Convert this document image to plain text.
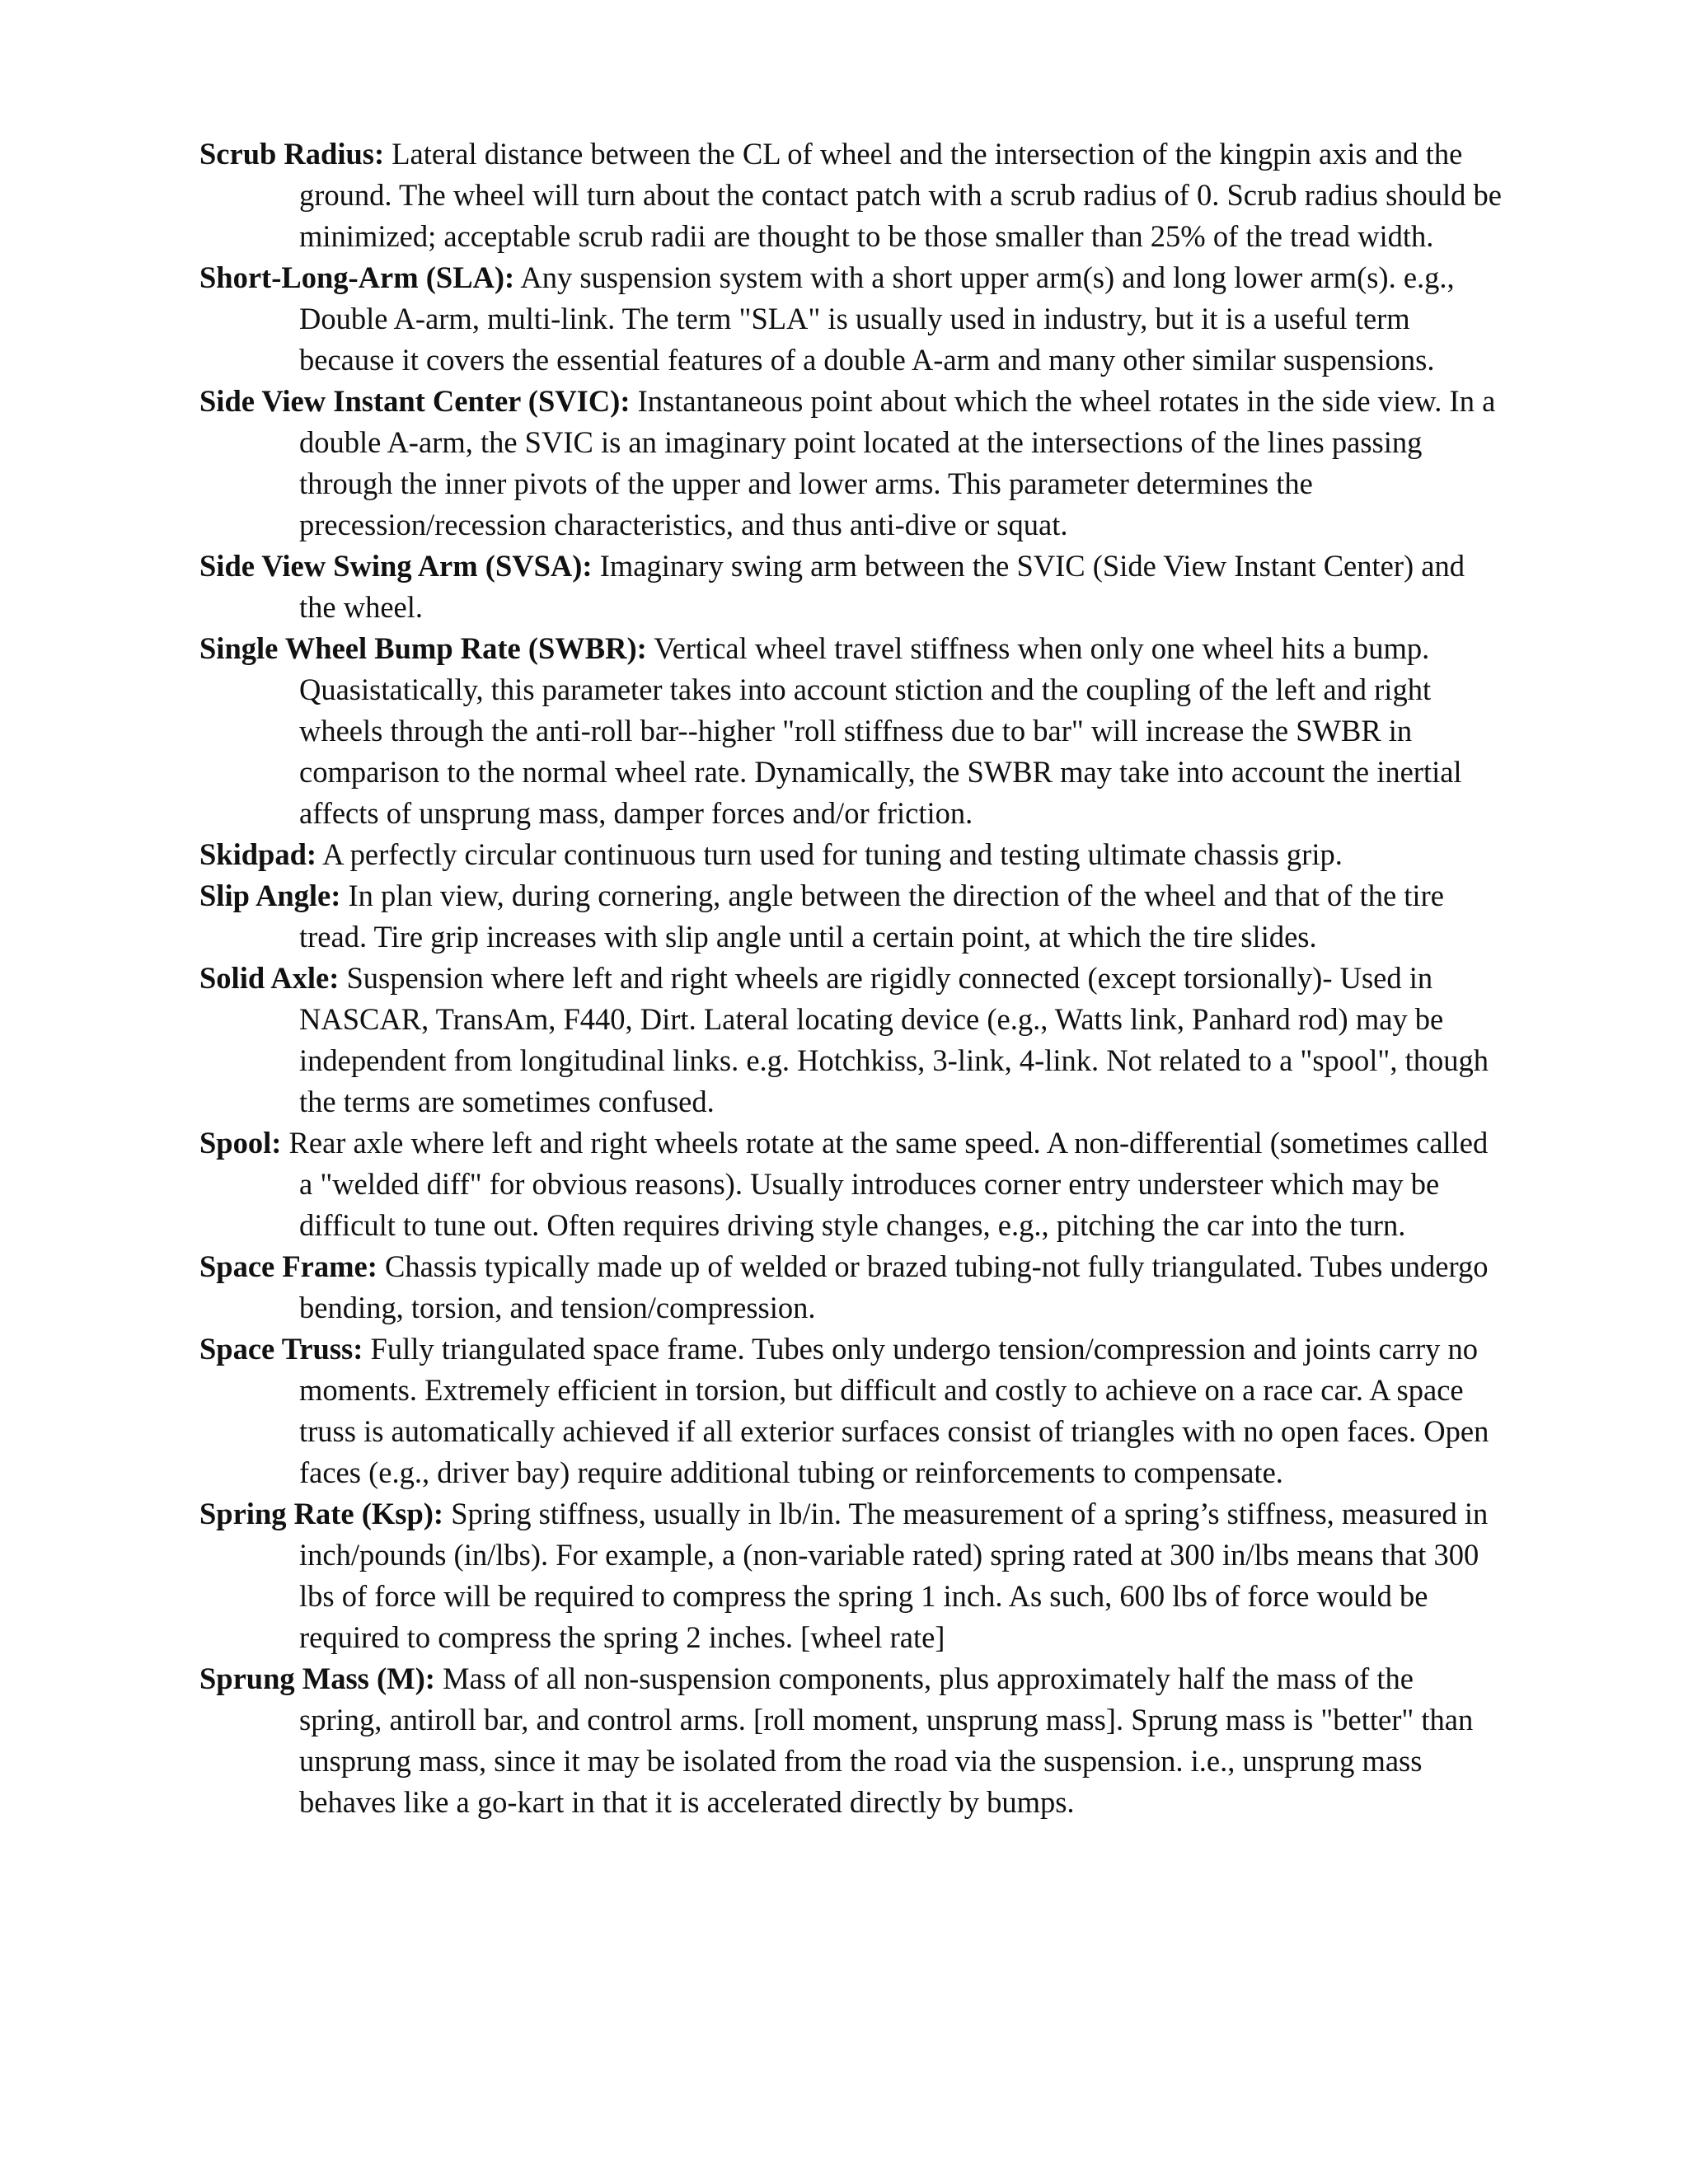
Scrub Radius: Lateral distance between the CL of wheel and the intersection of the kingpin axis and the ground. The wheel will turn about the contact patch with a scrub radius of 0. Scrub radius should be minimized; acceptable scrub radii are thought to be those smaller than 25% of the tread width.

Short-Long-Arm (SLA): Any suspension system with a short upper arm(s) and long lower arm(s). e.g., Double A-arm, multi-link. The term "SLA" is usually used in industry, but it is a useful term because it covers the essential features of a double A-arm and many other similar suspensions.

Side View Instant Center (SVIC): Instantaneous point about which the wheel rotates in the side view. In a double A-arm, the SVIC is an imaginary point located at the intersections of the lines passing through the inner pivots of the upper and lower arms. This parameter determines the precession/recession characteristics, and thus anti-dive or squat.

Side View Swing Arm (SVSA): Imaginary swing arm between the SVIC (Side View Instant Center) and the wheel.

Single Wheel Bump Rate (SWBR): Vertical wheel travel stiffness when only one wheel hits a bump. Quasistatically, this parameter takes into account stiction and the coupling of the left and right wheels through the anti-roll bar--higher "roll stiffness due to bar" will increase the SWBR in comparison to the normal wheel rate. Dynamically, the SWBR may take into account the inertial affects of unsprung mass, damper forces and/or friction.

Skidpad: A perfectly circular continuous turn used for tuning and testing ultimate chassis grip.

Slip Angle: In plan view, during cornering, angle between the direction of the wheel and that of the tire tread. Tire grip increases with slip angle until a certain point, at which the tire slides.

Solid Axle: Suspension where left and right wheels are rigidly connected (except torsionally)- Used in NASCAR, TransAm, F440, Dirt. Lateral locating device (e.g., Watts link, Panhard rod) may be independent from longitudinal links. e.g. Hotchkiss, 3-link, 4-link. Not related to a "spool", though the terms are sometimes confused.

Spool: Rear axle where left and right wheels rotate at the same speed. A non-differential (sometimes called a "welded diff" for obvious reasons). Usually introduces corner entry understeer which may be difficult to tune out. Often requires driving style changes, e.g., pitching the car into the turn.

Space Frame: Chassis typically made up of welded or brazed tubing-not fully triangulated. Tubes undergo bending, torsion, and tension/compression.

Space Truss: Fully triangulated space frame. Tubes only undergo tension/compression and joints carry no moments. Extremely efficient in torsion, but difficult and costly to achieve on a race car. A space truss is automatically achieved if all exterior surfaces consist of triangles with no open faces. Open faces (e.g., driver bay) require additional tubing or reinforcements to compensate.

Spring Rate (Ksp): Spring stiffness, usually in lb/in. The measurement of a spring’s stiffness, measured in inch/pounds (in/lbs). For example, a (non-variable rated) spring rated at 300 in/lbs means that 300 lbs of force will be required to compress the spring 1 inch. As such, 600 lbs of force would be required to compress the spring 2 inches. [wheel rate]

Sprung Mass (M): Mass of all non-suspension components, plus approximately half the mass of the spring, antiroll bar, and control arms. [roll moment, unsprung mass]. Sprung mass is "better" than unsprung mass, since it may be isolated from the road via the suspension. i.e., unsprung mass behaves like a go-kart in that it is accelerated directly by bumps.
